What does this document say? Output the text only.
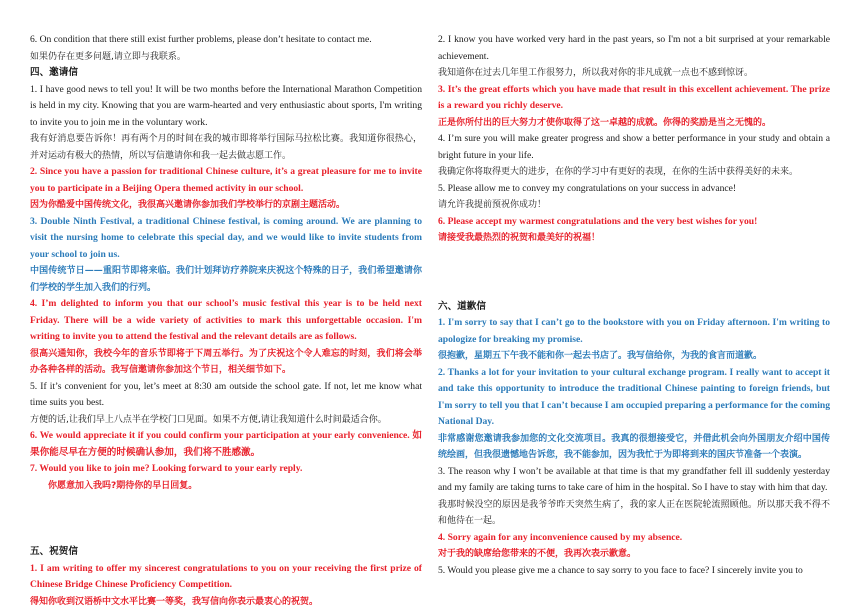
6. On condition that there still exist further problems, please don’t hesitate to contact me.

如果仍存在更多问题,请立即与我联系。

四、邀请信

1. I have good news to tell you! It will be two months before the International Marathon Competition is held in my city. Knowing that you are warm-hearted and very enthusiastic about sports, I'm writing to invite you to join me in the voluntary work.

我有好消息要告诉你！再有两个月的时间在我的城市即将举行国际马拉松比赛。我知道你很热心，并对运动有极大的热情，所以写信邀请你和我一起去做志愿工作。

2. Since you have a passion for traditional Chinese culture, it’s a great pleasure for me to invite you to participate in a Beijing Opera themed activity in our school.

因为你酷爱中国传统文化，我很高兴邀请你参加我们学校举行的京剧主题活动。

3. Double Ninth Festival, a traditional Chinese festival, is coming around. We are planning to visit the nursing home to celebrate this special day, and we would like to invite students from your school to join us.

中国传统节日——重阳节即将来临。我们计划拜访疗养院来庆祝这个特殊的日子，我们希望邀请你们学校的学生加入我们的行列。

4. I’m delighted to inform you that our school’s music festival this year is to be held next Friday. There will be a wide variety of activities to mark this unforgettable occasion. I'm writing to invite you to attend the festival and the relevant details are as follows.

很高兴通知你，我校今年的音乐节即将于下周五举行。为了庆祝这个令人难忘的时刻，我们将会举办各种各样的活动。我写信邀请你参加这个节日，相关细节如下。

5. If it’s convenient for you, let’s meet at 8:30 am outside the school gate. If not, let me know what time suits you best.

方便的话,让我们早上八点半在学校门口见面。如果不方便,请让我知道什么时间最适合你。

6. We would appreciate it if you could confirm your participation at your early convenience. 如果你能尽早在方便的时候确认参加，我们将不胜感激。

7. Would you like to join me? Looking forward to your early reply.

你愿意加入我吗?期待你的早日回复。

五、祝贺信

1. I am writing to offer my sincerest congratulations to you on your receiving the first prize of Chinese Bridge Chinese Proficiency Competition.

得知你收到汉语桥中文水平比赛一等奖，我写信向你表示最衷心的祝贺。

2. I know you have worked very hard in the past years, so I'm not a bit surprised at your remarkable achievement.

我知道你在过去几年里工作很努力，所以我对你的非凡成就一点也不感到惊讶。

3. It’s the great efforts which you have made that result in this excellent achievement. The prize is a reward you richly deserve.

正是你所付出的巨大努力才使你取得了这一卓越的成就。你得的奖励是当之无愧的。

4. I’m sure you will make greater progress and show a better performance in your study and obtain a bright future in your life.

我确定你将取得更大的进步，在你的学习中有更好的表现，在你的生活中获得美好的未来。

5. Please allow me to convey my congratulations on your success in advance!

请允许我提前预祝你成功！

6. Please accept my warmest congratulations and the very best wishes for you!

请接受我最热烈的祝贺和最美好的祝福！

六、道歉信

1. I'm sorry to say that I can’t go to the bookstore with you on Friday afternoon. I'm writing to apologize for breaking my promise.

很抱歉，星期五下午我不能和你一起去书店了。我写信给你，为我的食言而道歉。

2. Thanks a lot for your invitation to your cultural exchange program. I really want to accept it and take this opportunity to introduce the traditional Chinese painting to foreign friends, but I'm sorry to tell you that I can’t because I am occupied preparing a performance for the coming National Day.

非常感谢您邀请我参加您的文化交流项目。我真的很想接受它，并借此机会向外国朋友介绍中国传统绘画，但我很遗憾地告诉您，我不能参加，因为我忙于为即将到来的国庆节准备一个表演。

3. The reason why I won’t be available at that time is that my grandfather fell ill suddenly yesterday and my family are taking turns to take care of him in the hospital. So I have to stay with him that day.

我那时候没空的原因是我爷爷昨天突然生病了，我的家人正在医院轮流照顾他。所以那天我不得不和他待在一起。

4. Sorry again for any inconvenience caused by my absence.

对于我的缺席给您带来的不便，我再次表示歉意。

5. Would you please give me a chance to say sorry to you face to face? I sincerely invite you to
